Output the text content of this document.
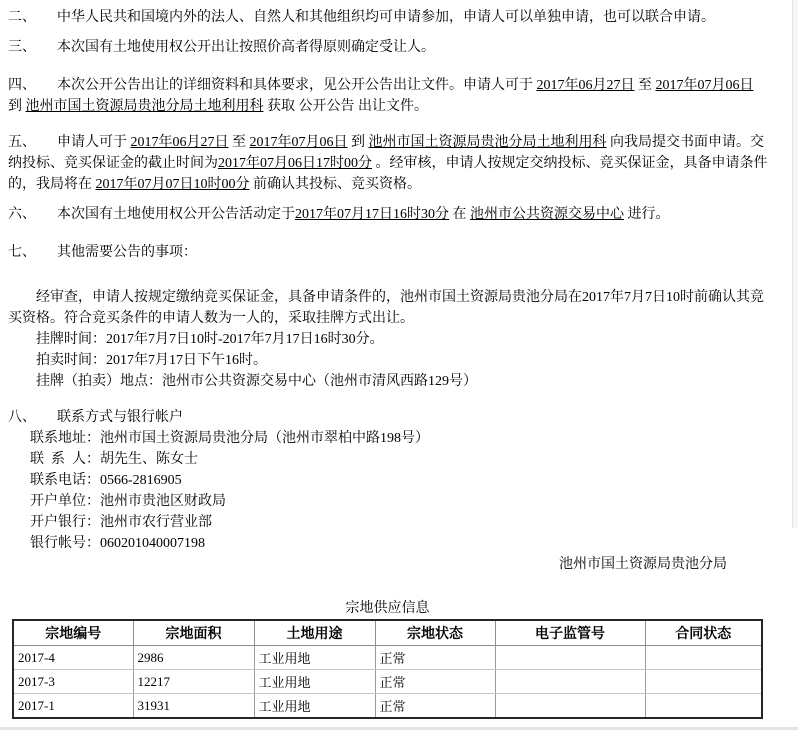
二、　　中华人民共和国境内外的法人、自然人和其他组织均可申请参加，申请人可以单独申请，也可以联合申请。

三、　　本次国有土地使用权公开出让按照价高者得原则确定受让人。

四、　　本次公开公告出让的详细资料和具体要求，见公开公告出让文件。申请人可于 2017年06月27日 至 2017年07月06日 到 池州市国土资源局贵池分局土地利用科 获取 公开公告 出让文件。

五、　　申请人可于 2017年06月27日 至 2017年07月06日 到 池州市国土资源局贵池分局土地利用科 向我局提交书面申请。交纳投标、竞买保证金的截止时间为2017年07月06日17时00分 。经审核，申请人按规定交纳投标、竞买保证金，具备申请条件的，我局将在 2017年07月07日10时00分 前确认其投标、竞买资格。

六、　　本次国有土地使用权公开公告活动定于2017年07月17日16时30分 在 池州市公共资源交易中心 进行。

七、　　其他需要公告的事项：

经审查，申请人按规定缴纳竞买保证金，具备申请条件的，池州市国土资源局贵池分局在2017年7月7日10时前确认其竞买资格。符合竞买条件的申请人数为一人的，采取挂牌方式出让。

挂牌时间：2017年7月7日10时-2017年7月17日16时30分。

拍卖时间：2017年7月17日下午16时。

挂牌（拍卖）地点：池州市公共资源交易中心（池州市清风西路129号）

八、　　联系方式与银行帐户

联系地址：池州市国土资源局贵池分局（池州市翠柏中路198号）

联  系  人：胡先生、陈女士

联系电话：0566-2816905

开户单位：池州市贵池区财政局

开户银行：池州市农行营业部

银行帐号：060201040007198

池州市国土资源局贵池分局

宗地供应信息
宗地编号	宗地面积	土地用途	宗地状态	电子监管号	合同状态
2017-4	2986	工业用地	正常		
2017-3	12217	工业用地	正常		
2017-1	31931	工业用地	正常		
